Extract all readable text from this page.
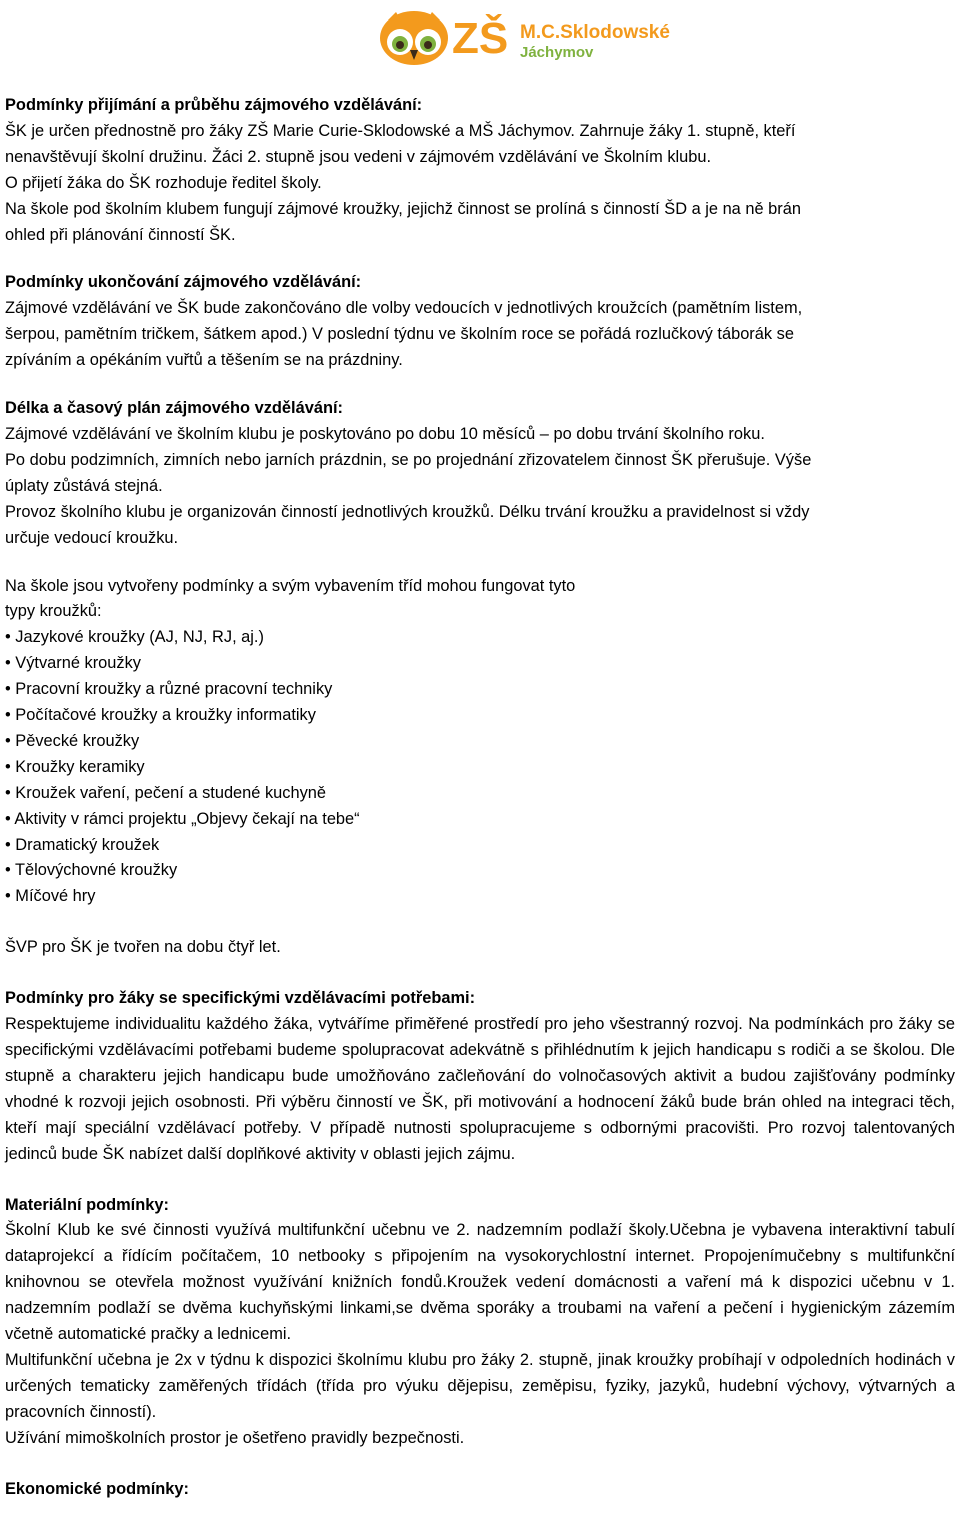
ZŠ M.C.Sklodowské
Jáchymov

Podmínky přijímání a průběhu zájmového vzdělávání:

ŠK je určen přednostně pro žáky ZŠ Marie Curie-Sklodowské a MŠ Jáchymov. Zahrnuje žáky 1. stupně, kteří

nenavštěvují školní družinu. Žáci 2. stupně jsou vedeni v zájmovém vzdělávání ve Školním klubu.

O přijetí žáka do ŠK rozhoduje ředitel školy.

Na škole pod školním klubem fungují zájmové kroužky, jejichž činnost se prolíná s činností ŠD a je na ně brán

ohled při plánování činností ŠK.

Podmínky ukončování zájmového vzdělávání:

Zájmové vzdělávání ve ŠK bude zakončováno dle volby vedoucích v jednotlivých kroužcích (pamětním listem,

šerpou, pamětním tričkem, šátkem apod.) V poslední týdnu ve školním roce se pořádá rozlučkový táborák se

zpíváním a opékáním vuřtů a těšením se na prázdniny.

Délka a časový plán zájmového vzdělávání:

Zájmové vzdělávání ve školním klubu je poskytováno po dobu 10 měsíců – po dobu trvání školního roku.

Po dobu podzimních, zimních nebo jarních prázdnin, se po projednání zřizovatelem činnost ŠK přerušuje. Výše

úplaty zůstává stejná.

Provoz školního klubu je organizován činností jednotlivých kroužků. Délku trvání kroužku a pravidelnost si vždy

určuje vedoucí kroužku.

Na škole jsou vytvořeny podmínky a svým vybavením tříd mohou fungovat tyto

typy kroužků:

• Jazykové kroužky (AJ, NJ, RJ, aj.)
• Výtvarné kroužky
• Pracovní kroužky a různé pracovní techniky
• Počítačové kroužky a kroužky informatiky
• Pěvecké kroužky
• Kroužky keramiky
• Kroužek vaření, pečení a studené kuchyně
• Aktivity v rámci projektu „Objevy čekají na tebe“
• Dramatický kroužek
• Tělovýchovné kroužky
• Míčové hry

ŠVP pro ŠK je tvořen na dobu čtyř let.

Podmínky pro žáky se specifickými vzdělávacími potřebami:

Respektujeme individualitu každého žáka, vytváříme přiměřené prostředí pro jeho všestranný rozvoj. Na podmínkách pro žáky se specifickými vzdělávacími potřebami budeme spolupracovat adekvátně s přihlédnutím k jejich handicapu s rodiči a se školou. Dle stupně a charakteru jejich handicapu bude umožňováno začleňování do volnočasových aktivit a budou zajišťovány podmínky vhodné k rozvoji jejich osobnosti. Při výběru činností ve ŠK, při motivování a hodnocení žáků bude brán ohled na integraci těch, kteří mají speciální vzdělávací potřeby. V případě nutnosti spolupracujeme s odbornými pracovišti. Pro rozvoj talentovaných jedinců bude ŠK nabízet další doplňkové aktivity v oblasti jejich zájmu.

Materiální podmínky:

Školní Klub ke své činnosti využívá multifunkční učebnu ve 2. nadzemním podlaží školy.Učebna je vybavena interaktivní tabulí dataprojekcí a řídícím počítačem, 10 netbooky s připojením na vysokorychlostní internet. Propojenímučebny s multifunkční knihovnou se otevřela možnost využívání knižních fondů.Kroužek vedení domácnosti a vaření má k dispozici učebnu v 1. nadzemním podlaží se dvěma kuchyňskými linkami,se dvěma sporáky a troubami na vaření a pečení i hygienickým zázemím včetně automatické pračky a lednicemi.

Multifunkční učebna je 2x v týdnu k dispozici školnímu klubu pro žáky 2. stupně, jinak kroužky probíhají v odpoledních hodinách v určených tematicky zaměřených třídách (třída pro výuku dějepisu, zeměpisu, fyziky, jazyků, hudební výchovy, výtvarných a pracovních činností).

Užívání mimoškolních prostor je ošetřeno pravidly bezpečnosti.

Ekonomické podmínky:
